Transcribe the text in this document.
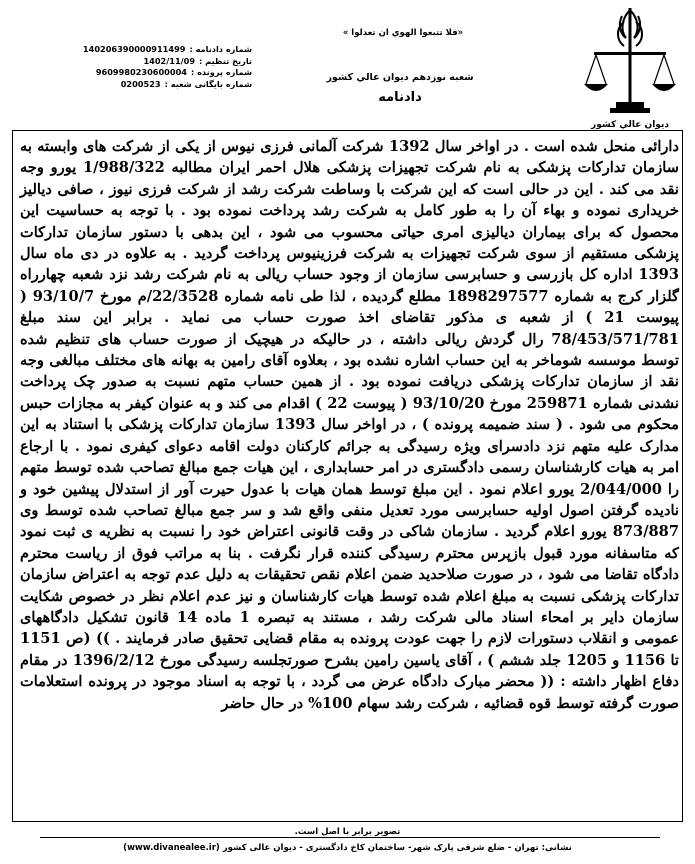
شماره دادنامه :
140206390000911499
تاریخ تنظیم :
1402/11/09
شماره پرونده :
9609980230600004
شماره بایگانی شعبه :
0200523
«فلا تتبعوا الهوي ان تعدلوا »
شعبه نوزدهم ديوان عالي كشور
دادنامه
ديوان عالي كشور
دارائی منحل شده است . در اواخر سال 1392 شرکت آلمانی فرزی نیوس از یکی از شرکت های وابسته به سازمان تدارکات پزشکی به نام شرکت تجهیزات پزشکی هلال احمر ایران مطالبه 1/988/322 یورو وجه نقد می کند . این در حالی است که این شرکت با وساطت شرکت رشد از شرکت فرزی نیوز ، صافی دیالیز خریداری نموده و بهاء آن را به طور کامل به شرکت رشد پرداخت نموده بود . با توجه به حساسیت این محصول که برای بیماران دیالیزی امری حیاتی محسوب می شود ، این بدهی با دستور سازمان تدارکات پزشکی مستقیم از سوی شرکت تجهیزات به شرکت فرزینیوس پرداخت گردید . به علاوه در دی ماه سال 1393 اداره کل بازرسی و حسابرسی سازمان از وجود حساب ریالی به نام شرکت رشد نزد شعبه چهارراه گلزار کرج به شماره 1898297577 مطلع گردیده ، لذا طی نامه شماره 22/3528/م مورخ 93/10/7 ( پیوست 21 ) از شعبه ی مذکور تقاضای اخذ صورت حساب می نماید . برابر این سند مبلغ 78/453/571/781 رال گردش ریالی داشته ، در حالیکه در هیچیک از صورت حساب های تنظیم شده توسط موسسه شوماخر به این حساب اشاره نشده بود ، بعلاوه آقای رامین به بهانه های مختلف مبالغی وجه نقد از سازمان تدارکات پزشکی دریافت نموده بود . از همین حساب متهم نسبت به صدور چک پرداخت نشدنی شماره 259871 مورخ 93/10/20 ( پیوست 22 ) اقدام می کند و به عنوان کیفر به مجازات حبس محکوم می شود . ( سند ضمیمه پرونده ) ، در اواخر سال 1393 سازمان تدارکات پزشکی با استناد به این مدارک علیه متهم نزد دادسرای ویژه رسیدگی به جرائم کارکنان دولت اقامه دعوای کیفری نمود . با ارجاع امر به هیات کارشناسان رسمی دادگستری در امر حسابداری ، این هیات جمع مبالغ تصاحب شده توسط متهم را 2/044/000 یورو اعلام نمود . این مبلغ توسط همان هیات با عدول حیرت آور از استدلال پیشین خود و نادیده گرفتن اصول اولیه حسابرسی مورد تعدیل منفی واقع شد و سر جمع مبالغ تصاحب شده توسط وی 873/887 یورو اعلام گردید . سازمان شاکی در وقت قانونی اعتراض خود را نسبت به نظریه ی ثبت نمود که متاسفانه مورد قبول بازپرس محترم رسیدگی کننده قرار نگرفت . بنا به مراتب فوق از ریاست محترم دادگاه تقاضا می شود ، در صورت صلاحدید ضمن اعلام نقص تحقیقات به دلیل عدم توجه به اعتراض سازمان تدارکات پزشکی نسبت به مبلغ اعلام شده توسط هیات کارشناسان و نیز عدم اعلام نظر در خصوص شکایت سازمان دایر بر امحاء اسناد مالی شرکت رشد ، مستند به تبصره 1 ماده 14 قانون تشکیل دادگاههای عمومی و انقلاب دستورات لازم را جهت عودت پرونده به مقام قضایی تحقیق صادر فرمایند . )) (ص 1151 تا 1156 و 1205 جلد ششم ) ، آقای یاسین رامین بشرح صورتجلسه رسیدگی مورخ 1396/2/12 در مقام دفاع اظهار داشته : (( محضر مبارک دادگاه عرض می گردد ، با توجه به اسناد موجود در پرونده استعلامات صورت گرفته توسط قوه قضائیه ، شرکت رشد سهام 100% در حال حاضر
تصویر برابر با اصل است.
نشانی: تهران - ضلع شرقی پارک شهر- ساختمان کاخ دادگستری - دیوان عالی کشور (www.divanealee.ir)
